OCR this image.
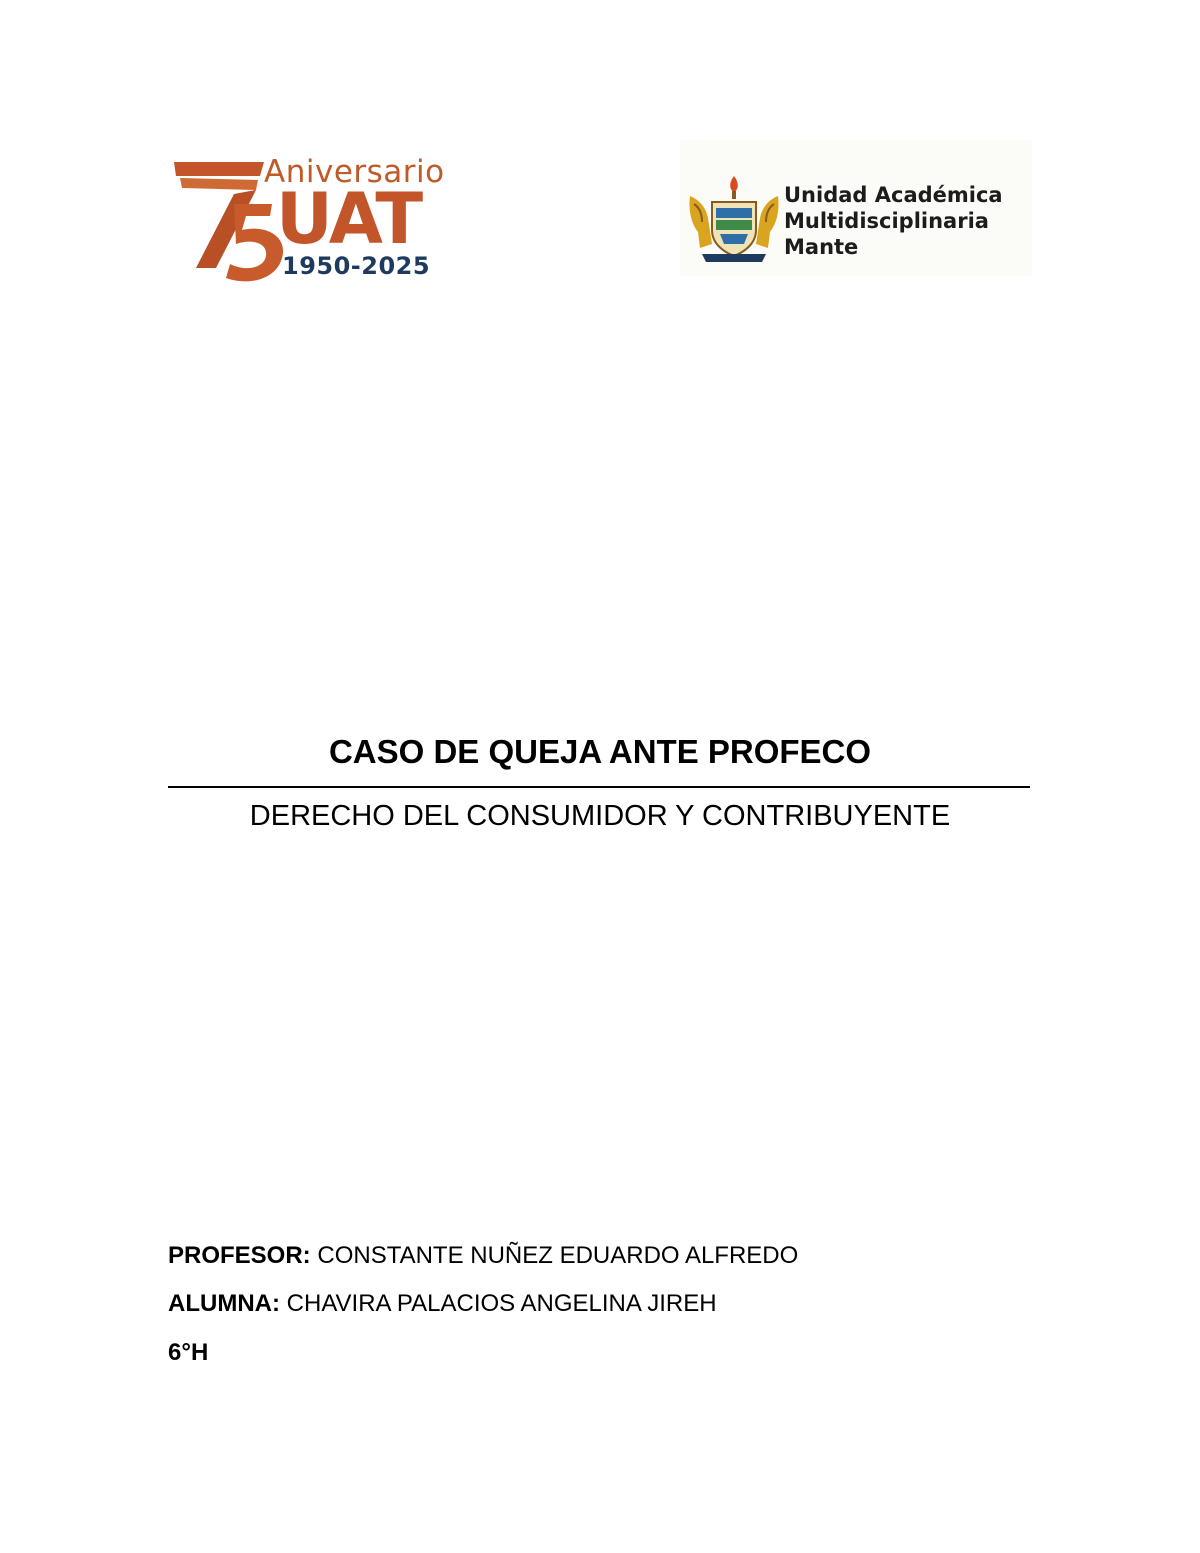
Aniversario
UAT
1950-2025
Unidad Académica
Multidisciplinaria
Mante
CASO DE QUEJA ANTE PROFECO
DERECHO DEL CONSUMIDOR Y CONTRIBUYENTE
PROFESOR: CONSTANTE NUÑEZ EDUARDO ALFREDO
ALUMNA: CHAVIRA PALACIOS ANGELINA JIREH
6°H
